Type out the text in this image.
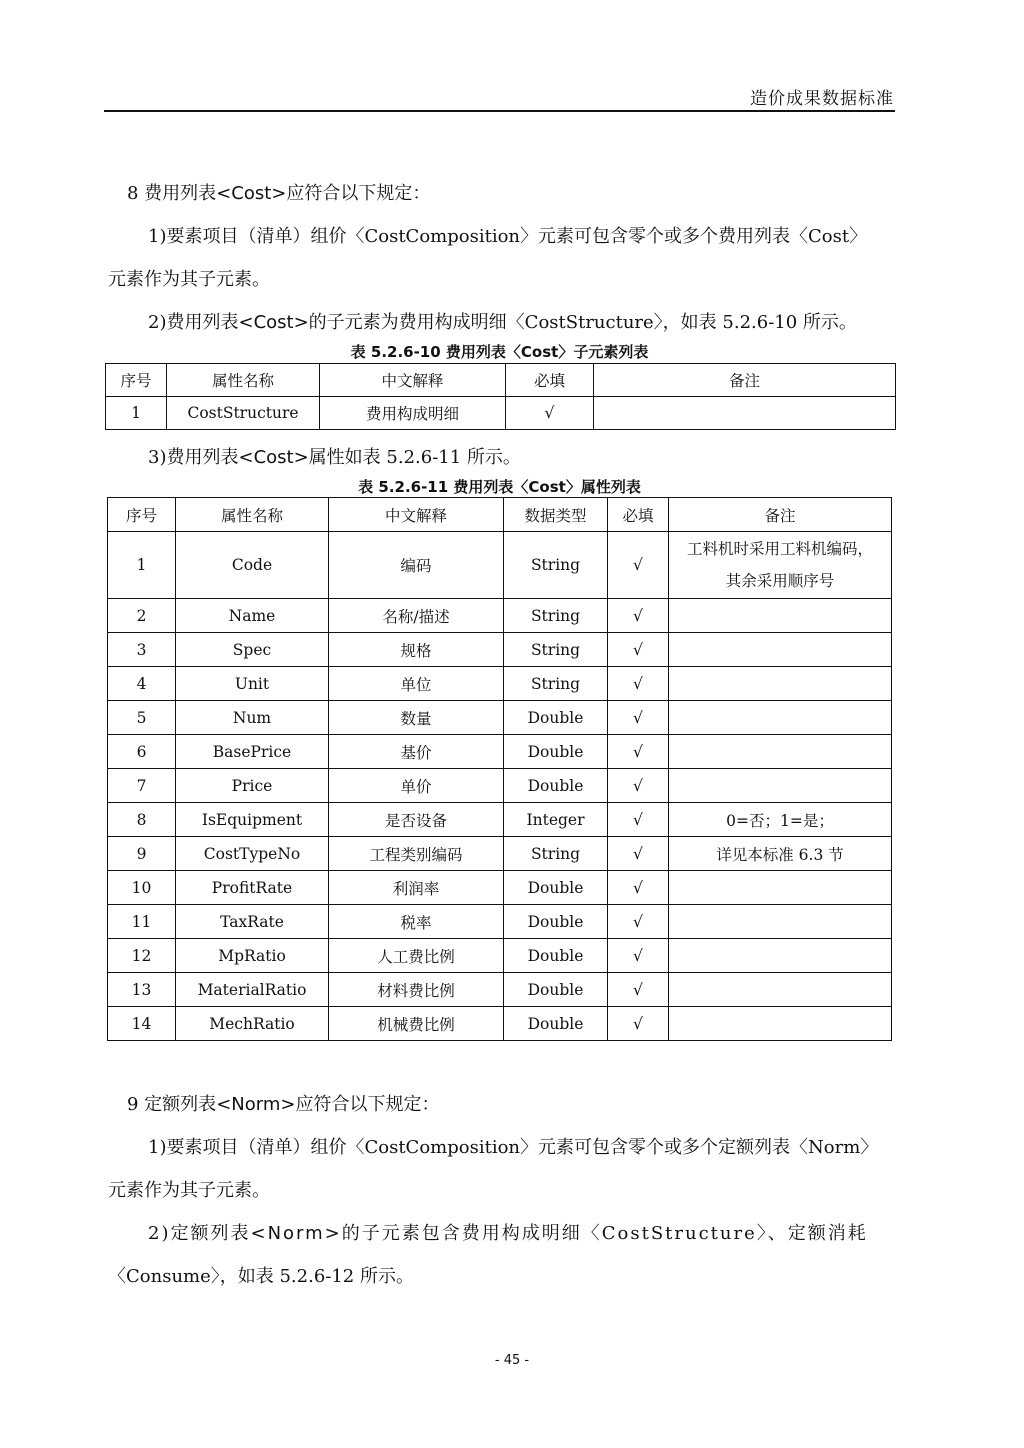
造价成果数据标准
8 费用列表<Cost>应符合以下规定：
1)要素项目（清单）组价〈CostComposition〉元素可包含零个或多个费用列表〈Cost〉
元素作为其子元素。
2)费用列表<Cost>的子元素为费用构成明细〈CostStructure〉，如表 5.2.6-10 所示。
表 5.2.6-10 费用列表〈Cost〉子元素列表
序号	属性名称	中文解释	必填	备注
1	CostStructure	费用构成明细	√	
3)费用列表<Cost>属性如表 5.2.6-11 所示。
表 5.2.6-11 费用列表〈Cost〉属性列表
序号	属性名称	中文解释	数据类型	必填	备注
1	Code	编码	String	√	工料机时采用工料机编码，其余采用顺序号
2	Name	名称/描述	String	√	
3	Spec	规格	String	√	
4	Unit	单位	String	√	
5	Num	数量	Double	√	
6	BasePrice	基价	Double	√	
7	Price	单价	Double	√	
8	IsEquipment	是否设备	Integer	√	0=否；1=是；
9	CostTypeNo	工程类别编码	String	√	详见本标准 6.3 节
10	ProfitRate	利润率	Double	√	
11	TaxRate	税率	Double	√	
12	MpRatio	人工费比例	Double	√	
13	MaterialRatio	材料费比例	Double	√	
14	MechRatio	机械费比例	Double	√	
9 定额列表<Norm>应符合以下规定：
1)要素项目（清单）组价〈CostComposition〉元素可包含零个或多个定额列表〈Norm〉
元素作为其子元素。
2)定额列表<Norm>的子元素包含费用构成明细〈CostStructure〉、定额消耗
〈Consume〉，如表 5.2.6-12 所示。
- 45 -
